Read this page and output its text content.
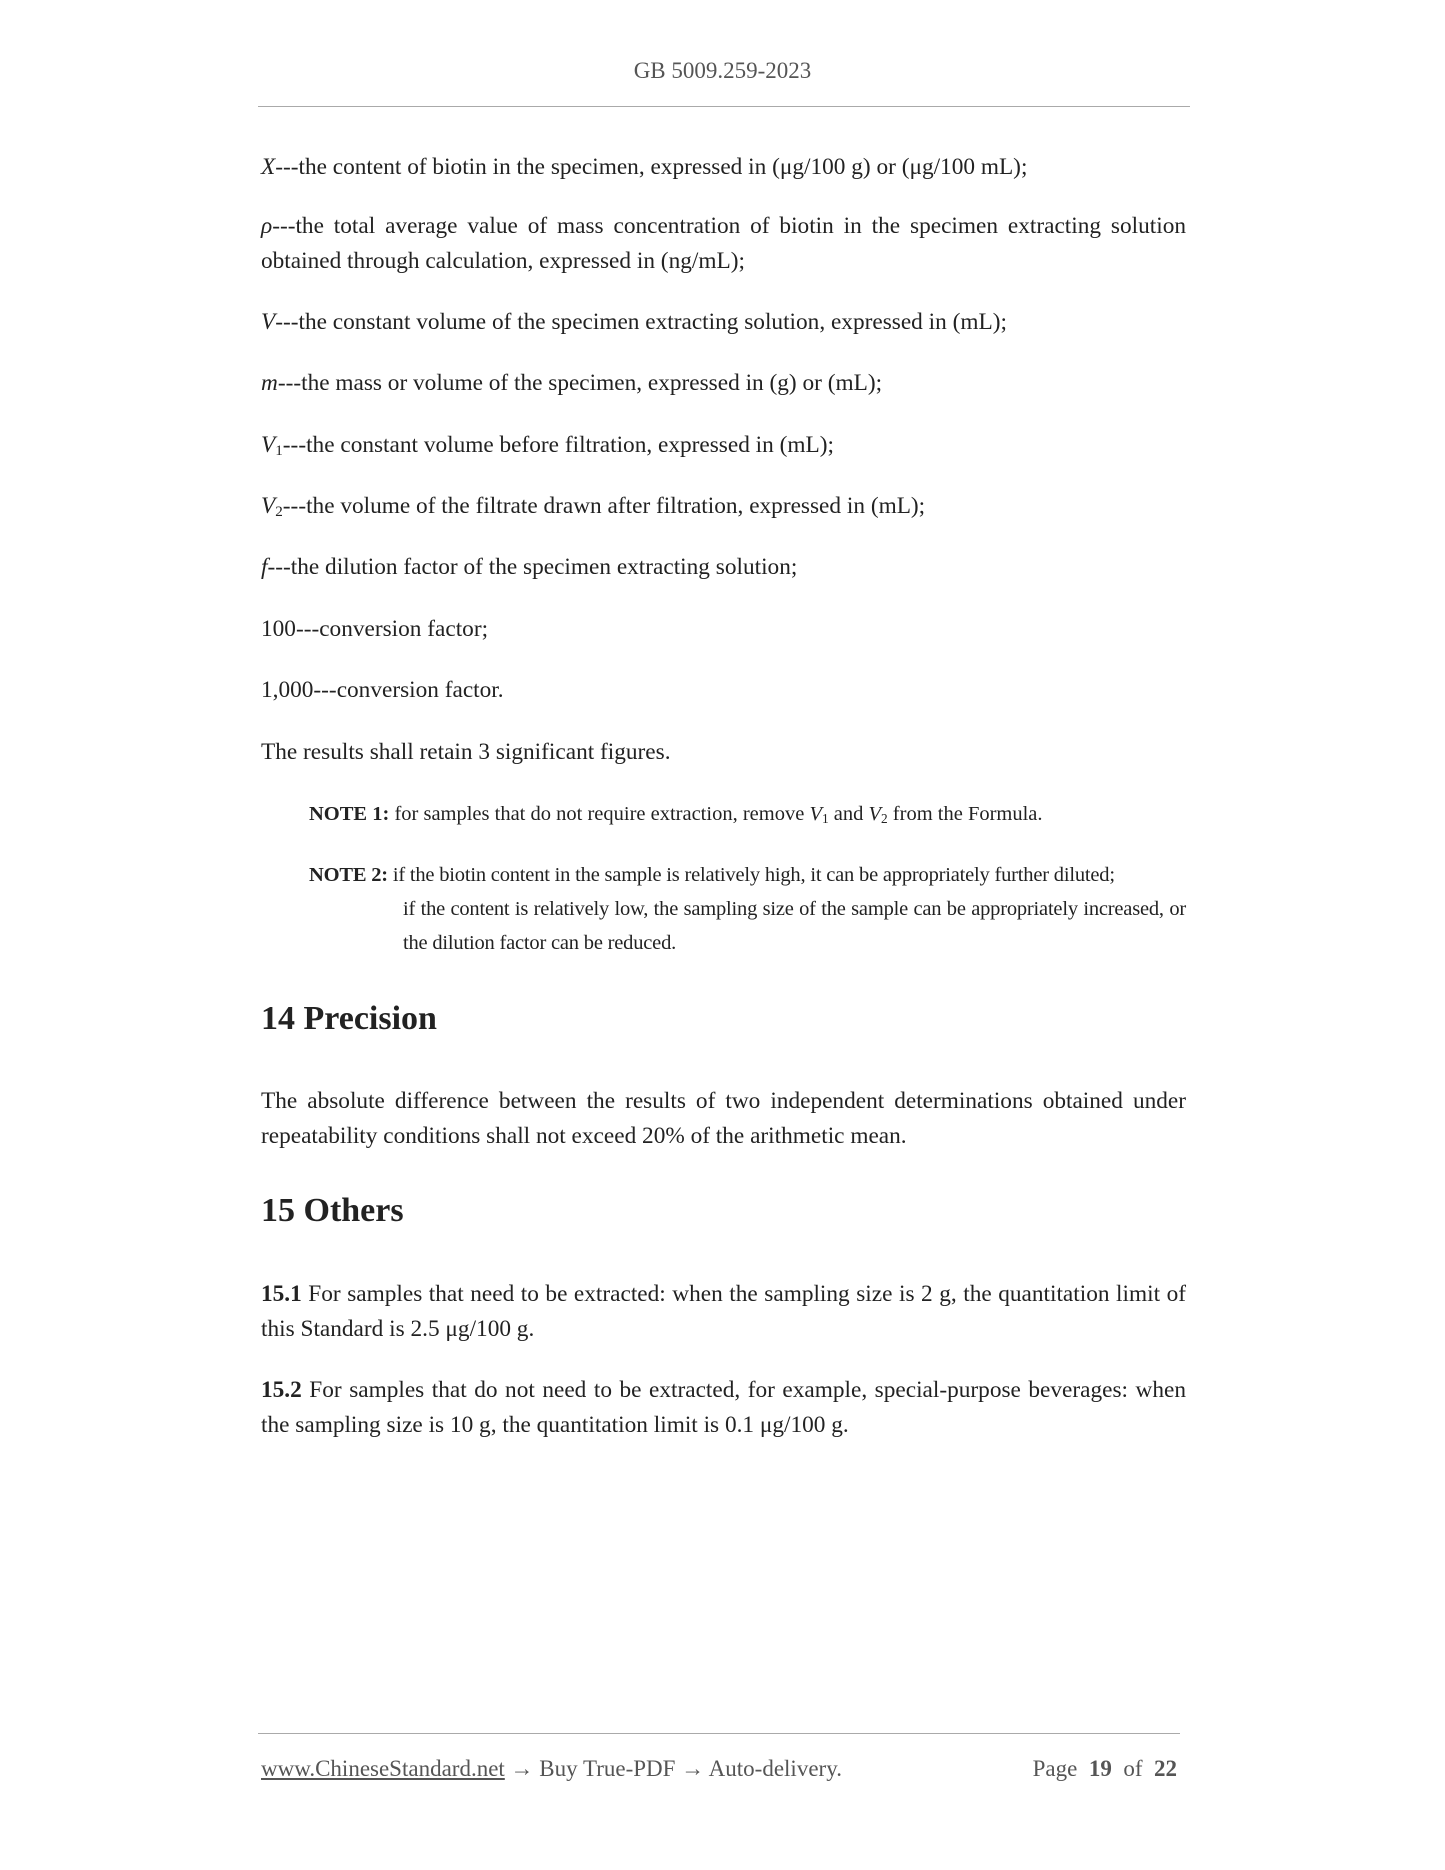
GB 5009.259-2023

X---the content of biotin in the specimen, expressed in (μg/100 g) or (μg/100 mL);

ρ---the total average value of mass concentration of biotin in the specimen extracting solution obtained through calculation, expressed in (ng/mL);

V---the constant volume of the specimen extracting solution, expressed in (mL);

m---the mass or volume of the specimen, expressed in (g) or (mL);

$V_1--$-the constant volume before filtration, expressed in (mL);

$V_2--$-the volume of the filtrate drawn after filtration, expressed in (mL);

f---the dilution factor of the specimen extracting solution;

100---conversion factor;

1,000---conversion factor.

The results shall retain 3 significant figures.

NOTE 1: for samples that do not require extraction, remove $V_1$ and $V_2$ from the Formula.

NOTE 2: if the biotin content in the sample is relatively high, it can be appropriately further diluted;
if the content is relatively low, the sampling size of the sample can be appropriately increased, or the dilution factor can be reduced.

14 Precision

The absolute difference between the results of two independent determinations obtained under repeatability conditions shall not exceed 20% of the arithmetic mean.

15 Others

15.1 For samples that need to be extracted: when the sampling size is 2 g, the quantitation limit of this Standard is 2.5 μg/100 g.

15.2 For samples that do not need to be extracted, for example, special-purpose beverages: when the sampling size is 10 g, the quantitation limit is 0.1 μg/100 g.

www.ChineseStandard.net → Buy True-PDF → Auto-delivery.	Page 19 of 22
